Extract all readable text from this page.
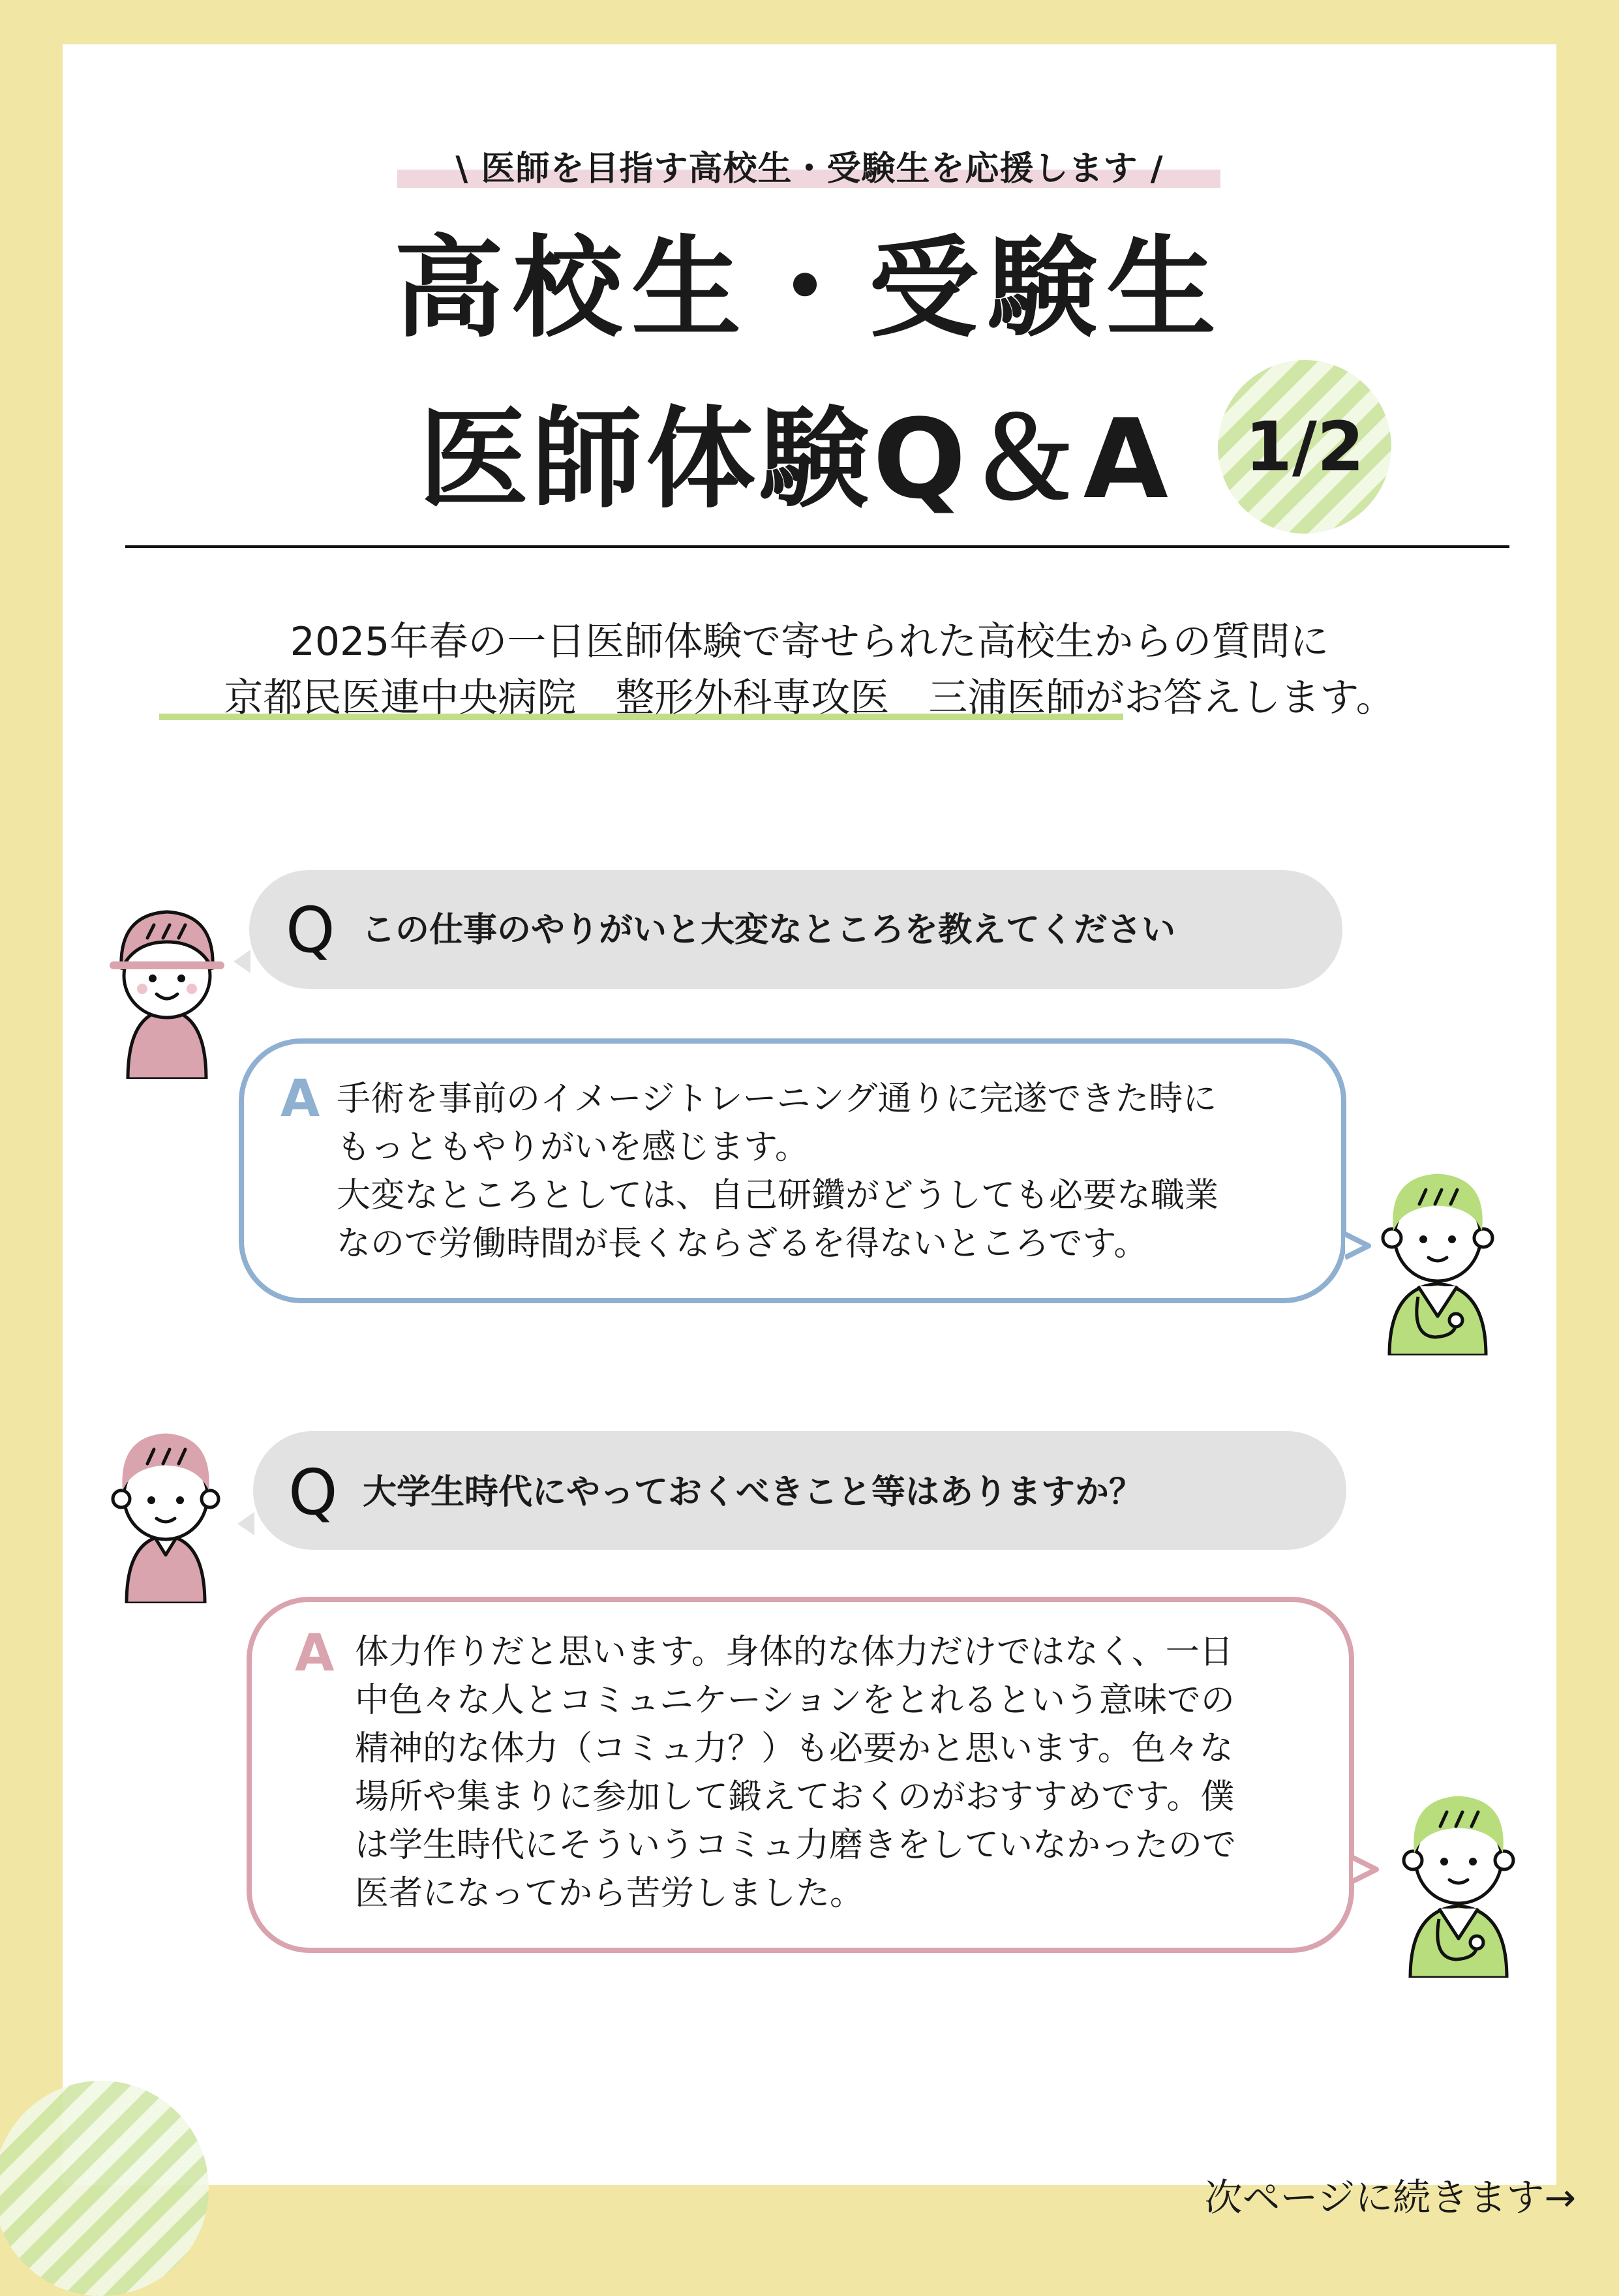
\ 医師を目指す高校生・受験生を応援します /
高校生・受験生
医師体験Q＆A	1/2
2025年春の一日医師体験で寄せられた高校生からの質問に
京都民医連中央病院　整形外科専攻医　三浦医師がお答えします。
Q この仕事のやりがいと大変なところを教えてください
A 手術を事前のイメージトレーニング通りに完遂できた時に
もっともやりがいを感じます。
大変なところとしては、自己研鑽がどうしても必要な職業
なので労働時間が長くならざるを得ないところです。
Q 大学生時代にやっておくべきこと等はありますか？
A 体力作りだと思います。身体的な体力だけではなく、一日
中色々な人とコミュニケーションをとれるという意味での
精神的な体力（コミュ力？）も必要かと思います。色々な
場所や集まりに参加して鍛えておくのがおすすめです。僕
は学生時代にそういうコミュ力磨きをしていなかったので
医者になってから苦労しました。
次ページに続きます→
